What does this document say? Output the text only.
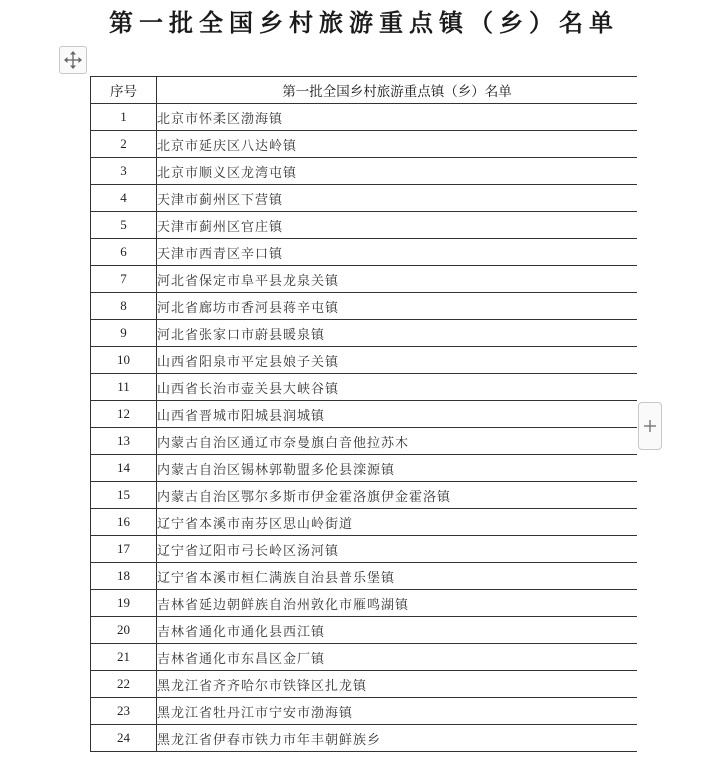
第一批全国乡村旅游重点镇（乡）名单
序号	第一批全国乡村旅游重点镇（乡）名单
1	北京市怀柔区渤海镇
2	北京市延庆区八达岭镇
3	北京市顺义区龙湾屯镇
4	天津市蓟州区下营镇
5	天津市蓟州区官庄镇
6	天津市西青区辛口镇
7	河北省保定市阜平县龙泉关镇
8	河北省廊坊市香河县蒋辛屯镇
9	河北省张家口市蔚县暖泉镇
10	山西省阳泉市平定县娘子关镇
11	山西省长治市壶关县大峡谷镇
12	山西省晋城市阳城县润城镇
13	内蒙古自治区通辽市奈曼旗白音他拉苏木
14	内蒙古自治区锡林郭勒盟多伦县滦源镇
15	内蒙古自治区鄂尔多斯市伊金霍洛旗伊金霍洛镇
16	辽宁省本溪市南芬区思山岭街道
17	辽宁省辽阳市弓长岭区汤河镇
18	辽宁省本溪市桓仁满族自治县普乐堡镇
19	吉林省延边朝鲜族自治州敦化市雁鸣湖镇
20	吉林省通化市通化县西江镇
21	吉林省通化市东昌区金厂镇
22	黑龙江省齐齐哈尔市铁锋区扎龙镇
23	黑龙江省牡丹江市宁安市渤海镇
24	黑龙江省伊春市铁力市年丰朝鲜族乡
